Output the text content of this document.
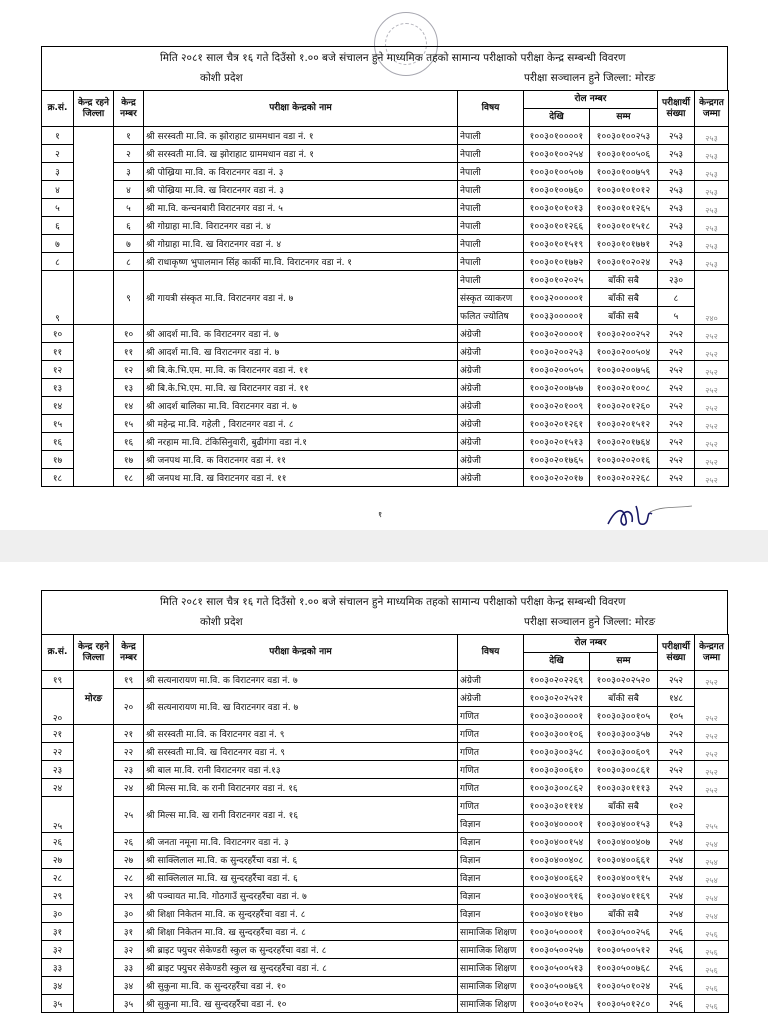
मिति २०८१ साल चैत्र १६ गते दिउँसो १.०० बजे संचालन हुने माध्यमिक तहको सामान्य परीक्षाको परीक्षा केन्द्र सम्बन्धी विवरण
कोशी प्रदेश	परीक्षा सञ्चालन हुने जिल्ला: मोरङ
क्र.सं.	केन्द्र रहने जिल्ला	केन्द्र नम्बर	परीक्षा केन्द्रको नाम	विषय	रोल नम्बर		परीक्षार्थी संख्या	केन्द्रगत जम्मा
					देखि	सम्म		
१		१	श्री सरस्वती मा.वि. क झोराहाट ग्राममधान वडा नं. १	नेपाली	१००३०१००००१	१००३०१००२५३	२५३	२५३
२		२	श्री सरस्वती मा.वि. ख झोराहाट ग्राममधान वडा नं. १	नेपाली	१००३०१००२५४	१००३०१००५०६	२५३	२५३
३		३	श्री पोख्रिया मा.वि. क विराटनगर वडा नं. ३	नेपाली	१००३०१००५०७	१००३०१००७५९	२५३	२५३
४		४	श्री पोख्रिया मा.वि. ख विराटनगर वडा नं. ३	नेपाली	१००३०१००७६०	१००३०१०१०१२	२५३	२५३
५		५	श्री मा.वि. कन्चनबारी विराटनगर वडा नं. ५	नेपाली	१००३०१०१०१३	१००३०१०१२६५	२५३	२५३
६		६	श्री गोग्राहा मा.वि. विराटनगर वडा नं. ४	नेपाली	१००३०१०१२६६	१००३०१०१५१८	२५३	२५३
७		७	श्री गोग्राहा मा.वि. ख विराटनगर वडा नं. ४	नेपाली	१००३०१०१५१९	१००३०१०१७७१	२५३	२५३
८		८	श्री राधाकृष्ण भुपालमान सिंह कार्की मा.वि. विराटनगर वडा नं. १	नेपाली	१००३०१०१७७२	१००३०१०२०२४	२५३	२५३
९		९	श्री गायत्री संस्कृत मा.वि. विराटनगर वडा नं. ७	नेपाली	१००३०१०२०२५	बाँकी सबै	२३०	२४०
				संस्कृत व्याकरण	१००३२०००००१	बाँकी सबै	८	
				फलित ज्योतिष	१००३३०००००१	बाँकी सबै	५	
१०		१०	श्री आदर्श मा.वि. क विराटनगर वडा नं. ७	अंग्रेजी	१००३०२००००१	१००३०२००२५२	२५२	२५२
११		११	श्री आदर्श मा.वि. ख विराटनगर वडा नं. ७	अंग्रेजी	१००३०२००२५३	१००३०२००५०४	२५२	२५२
१२		१२	श्री बि.के.भि.एम. मा.वि. क विराटनगर वडा नं. ११	अंग्रेजी	१००३०२००५०५	१००३०२००७५६	२५२	२५२
१३		१३	श्री बि.के.भि.एम. मा.वि. ख विराटनगर वडा नं. ११	अंग्रेजी	१००३०२००७५७	१००३०२०१००८	२५२	२५२
१४		१४	श्री आदर्श बालिका मा.वि. विराटनगर वडा नं. ७	अंग्रेजी	१००३०२०१००९	१००३०२०१२६०	२५२	२५२
१५		१५	श्री महेन्द्र मा.वि. गहेली , विराटनगर वडा नं. ८	अंग्रेजी	१००३०२०१२६१	१००३०२०१५१२	२५२	२५२
१६		१६	श्री नरहाम मा.वि. टंकिसिनुवारी, बुढीगंगा वडा नं.१	अंग्रेजी	१००३०२०१५१३	१००३०२०१७६४	२५२	२५२
१७		१७	श्री जनपथ मा.वि. क विराटनगर वडा नं. ११	अंग्रेजी	१००३०२०१७६५	१००३०२०२०१६	२५२	२५२
१८		१८	श्री जनपथ मा.वि. ख विराटनगर वडा नं. ११	अंग्रेजी	१००३०२०२०१७	१००३०२०२२६८	२५२	२५२
१
मिति २०८१ साल चैत्र १६ गते दिउँसो १.०० बजे संचालन हुने माध्यमिक तहको सामान्य परीक्षाको परीक्षा केन्द्र सम्बन्धी विवरण
कोशी प्रदेश	परीक्षा सञ्चालन हुने जिल्ला: मोरङ
क्र.सं.	केन्द्र रहने जिल्ला	केन्द्र नम्बर	परीक्षा केन्द्रको नाम	विषय	रोल नम्बर		परीक्षार्थी संख्या	केन्द्रगत जम्मा
					देखि	सम्म		
१९	मोरङ	१९	श्री सत्यनारायण मा.वि. क विराटनगर वडा नं. ७	अंग्रेजी	१००३०२०२२६९	१००३०२०२५२०	२५२	२५२
२०		२०	श्री सत्यनारायण मा.वि. ख विराटनगर वडा नं. ७	अंग्रेजी	१००३०२०२५२१	बाँकी सबै	१४८	२५२
				गणित	१००३०३००००१	१००३०३००१०५	१०५	
२१		२१	श्री सरस्वती मा.वि. क विराटनगर वडा नं. ९	गणित	१००३०३००१०६	१००३०३००३५७	२५२	२५२
२२		२२	श्री सरस्वती मा.वि. ख विराटनगर वडा नं. ९	गणित	१००३०३००३५८	१००३०३००६०९	२५२	२५२
२३		२३	श्री बाल मा.वि. रानी विराटनगर वडा नं.१३	गणित	१००३०३००६१०	१००३०३००८६१	२५२	२५२
२४		२४	श्री मिल्स मा.वि. क रानी विराटनगर वडा नं. १६	गणित	१००३०३००८६२	१००३०३०१११३	२५२	२५२
२५		२५	श्री मिल्स मा.वि. ख रानी विराटनगर वडा नं. १६	गणित	१००३०३०१११४	बाँकी सबै	१०२	२५५
				विज्ञान	१००३०४००००१	१००३०४००१५३	१५३	
२६		२६	श्री जनता नमूना मा.वि. विराटनगर वडा नं. ३	विज्ञान	१००३०४००१५४	१००३०४००४०७	२५४	२५४
२७		२७	श्री साक्लिलाल मा.वि. क सुन्दरहरैंचा वडा नं. ६	विज्ञान	१००३०४००४०८	१००३०४००६६१	२५४	२५४
२८		२८	श्री साक्लिलाल मा.वि. ख सुन्दरहरैंचा वडा नं. ६	विज्ञान	१००३०४००६६२	१००३०४००९१५	२५४	२५४
२९		२९	श्री पञ्चायत मा.वि. गोठगाउँ सुन्दरहरैंचा वडा नं. ७	विज्ञान	१००३०४००९१६	१००३०४०११६९	२५४	२५४
३०		३०	श्री शिक्षा निकेतन मा.वि. क सुन्दरहरैंचा वडा नं. ८	विज्ञान	१००३०४०११७०	बाँकी सबै	२५४	२५४
३१		३१	श्री शिक्षा निकेतन मा.वि. ख सुन्दरहरैंचा वडा नं. ८	सामाजिक शिक्षण	१००३०५००००१	१००३०५००२५६	२५६	२५६
३२		३२	श्री ब्राइट फ्युचर सेकेण्डरी स्कुल क सुन्दरहरैंचा वडा नं. ८	सामाजिक शिक्षण	१००३०५००२५७	१००३०५००५१२	२५६	२५६
३३		३३	श्री ब्राइट फ्युचर सेकेण्डरी स्कुल ख सुन्दरहरैंचा वडा नं. ८	सामाजिक शिक्षण	१००३०५००५१३	१००३०५००७६८	२५६	२५६
३४		३४	श्री सुकुना मा.वि. क सुन्दरहरैंचा वडा नं. १०	सामाजिक शिक्षण	१००३०५००७६९	१००३०५०१०२४	२५६	२५६
३५		३५	श्री सुकुना मा.वि. ख सुन्दरहरैंचा वडा नं. १०	सामाजिक शिक्षण	१००३०५०१०२५	१००३०५०१२८०	२५६	२५६
